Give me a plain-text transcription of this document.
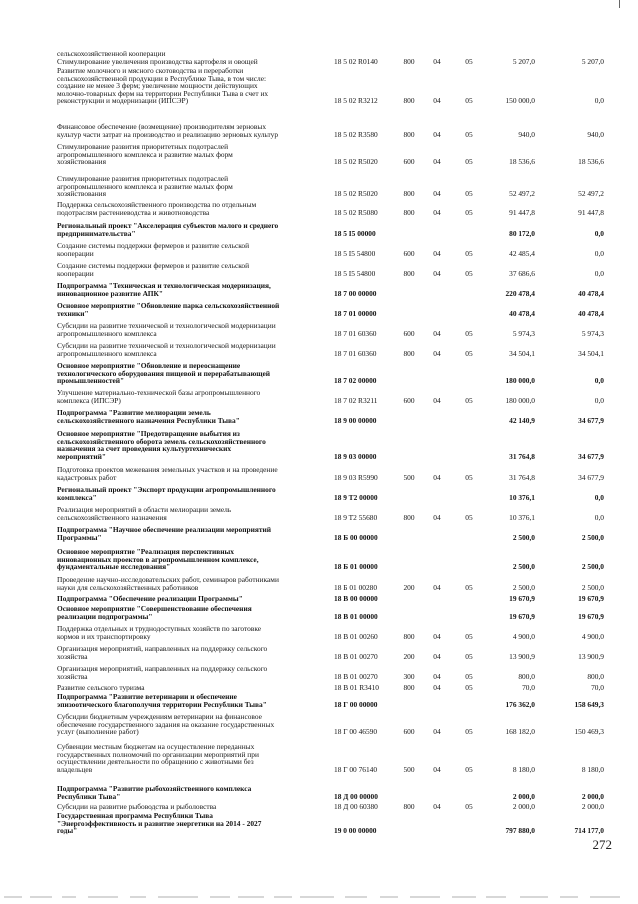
сельскохозяйственной кооперации
Стимулирование увеличения производства картофеля и овощей	18 5 02 R0140	800	04	05	5 207,0	5 207,0
Развитие молочного и мясного скотоводства и переработки
сельскохозяйственной продукции в Республике Тыва, в том числе:
создание не менее 3 ферм; увеличение мощности действующих
молочно-товарных ферм на территории Республики Тыва в счет их
реконструкции и модернизации (ИПСЭР)	18 5 02 R3212	800	04	05	150 000,0	0,0
Финансовое обеспечение (возмещение) производителям зерновых
культур части затрат на производство и реализацию зерновых культур	18 5 02 R3580	800	04	05	940,0	940,0
Стимулирование развития приоритетных подотраслей
агропромышленного комплекса и развитие малых форм
хозяйствования	18 5 02 R5020	600	04	05	18 536,6	18 536,6
Стимулирование развития приоритетных подотраслей
агропромышленного комплекса и развитие малых форм
хозяйствования	18 5 02 R5020	800	04	05	52 497,2	52 497,2
Поддержка сельскохозяйственного производства по отдельным
подотраслям растениеводства и животноводства	18 5 02 R5080	800	04	05	91 447,8	91 447,8
Региональный проект "Акселерация субъектов малого и среднего
предпринимательства"	18 5 I5 00000	80 172,0	0,0
Создание системы поддержки фермеров и развитие сельской
кооперации	18 5 I5 54800	600	04	05	42 485,4	0,0
Создание системы поддержки фермеров и развитие сельской
кооперации	18 5 I5 54800	800	04	05	37 686,6	0,0
Подпрограмма "Техническая и технологическая модернизация,
инновационное развитие АПК"	18 7 00 00000	220 478,4	40 478,4
Основное мероприятие "Обновление парка сельскохозяйственной
техники"	18 7 01 00000	40 478,4	40 478,4
Субсидии на развитие технической и технологической модернизации
агропромышленного комплекса	18 7 01 60360	600	04	05	5 974,3	5 974,3
Субсидии на развитие технической и технологической модернизации
агропромышленного комплекса	18 7 01 60360	800	04	05	34 504,1	34 504,1
Основное мероприятие "Обновление и переоснащение
технологического оборудования пищевой и перерабатывающей
промышленностей"	18 7 02 00000	180 000,0	0,0
Улучшение материально-технической базы агропромышленного
комплекса (ИПСЭР)	18 7 02 R3211	600	04	05	180 000,0	0,0
Подпрограмма "Развитие мелиорации земель
сельскохозяйственного назначения Республики Тыва"	18 9 00 00000	42 140,9	34 677,9
Основное мероприятие "Предотвращение выбытия из
сельскохозяйственного оборота земель сельскохозяйственного
назначения за счет проведения культуртехнических
мероприятий"	18 9 03 00000	31 764,8	34 677,9
Подготовка проектов межевания земельных участков и на проведение
кадастровых работ	18 9 03 R5990	500	04	05	31 764,8	34 677,9
Региональный проект "Экспорт продукции агропромышленного
комплекса"	18 9 T2 00000	10 376,1	0,0
Реализация мероприятий в области мелиорации земель
сельскохозяйственного назначения	18 9 T2 55680	800	04	05	10 376,1	0,0
Подпрограмма "Научное обеспечение реализации мероприятий
Программы"	18 Б 00 00000	2 500,0	2 500,0
Основное мероприятие "Реализация перспективных
инновационных проектов в агропромышленном комплексе,
фундаментальные исследования"	18 Б 01 00000	2 500,0	2 500,0
Проведение научно-исследовательских работ, семинаров работниками
науки для сельскохозяйственных работников	18 Б 01 00280	200	04	05	2 500,0	2 500,0
Подпрограмма "Обеспечение реализации Программы"	18 В 00 00000	19 670,9	19 670,9
Основное мероприятие "Совершенствование обеспечения
реализации подпрограммы"	18 В 01 00000	19 670,9	19 670,9
Поддержка отдельных и труднодоступных хозяйств по заготовке
кормов и их транспортировку	18 В 01 00260	800	04	05	4 900,0	4 900,0
Организация мероприятий, направленных на поддержку сельского
хозяйства	18 В 01 00270	200	04	05	13 900,9	13 900,9
Организация мероприятий, направленных на поддержку сельского
хозяйства	18 В 01 00270	300	04	05	800,0	800,0
Развитие сельского туризма	18 В 01 R3410	800	04	05	70,0	70,0
Подпрограмма "Развитие ветеринарии и обеспечение
эпизоотического благополучия территории Республики Тыва"	18 Г 00 00000	176 362,0	158 649,3
Субсидии бюджетным учреждениям ветеринарии на финансовое
обеспечение государственного задания на оказание государственных
услуг (выполнение работ)	18 Г 00 46590	600	04	05	168 182,0	150 469,3
Субвенции местным бюджетам на осуществление переданных
государственных полномочий по организации мероприятий при
осуществлении деятельности по обращению с животными без
владельцев	18 Г 00 76140	500	04	05	8 180,0	8 180,0
Подпрограмма "Развитие рыбохозяйственного комплекса
Республики Тыва"	18 Д 00 00000	2 000,0	2 000,0
Субсидии на развитие рыбоводства и рыболовства	18 Д 00 60380	800	04	05	2 000,0	2 000,0
Государственная программа Республики Тыва
"Энергоэффективность и развитие энергетики на 2014 - 2027
годы"	19 0 00 00000	797 880,0	714 177,0
272
